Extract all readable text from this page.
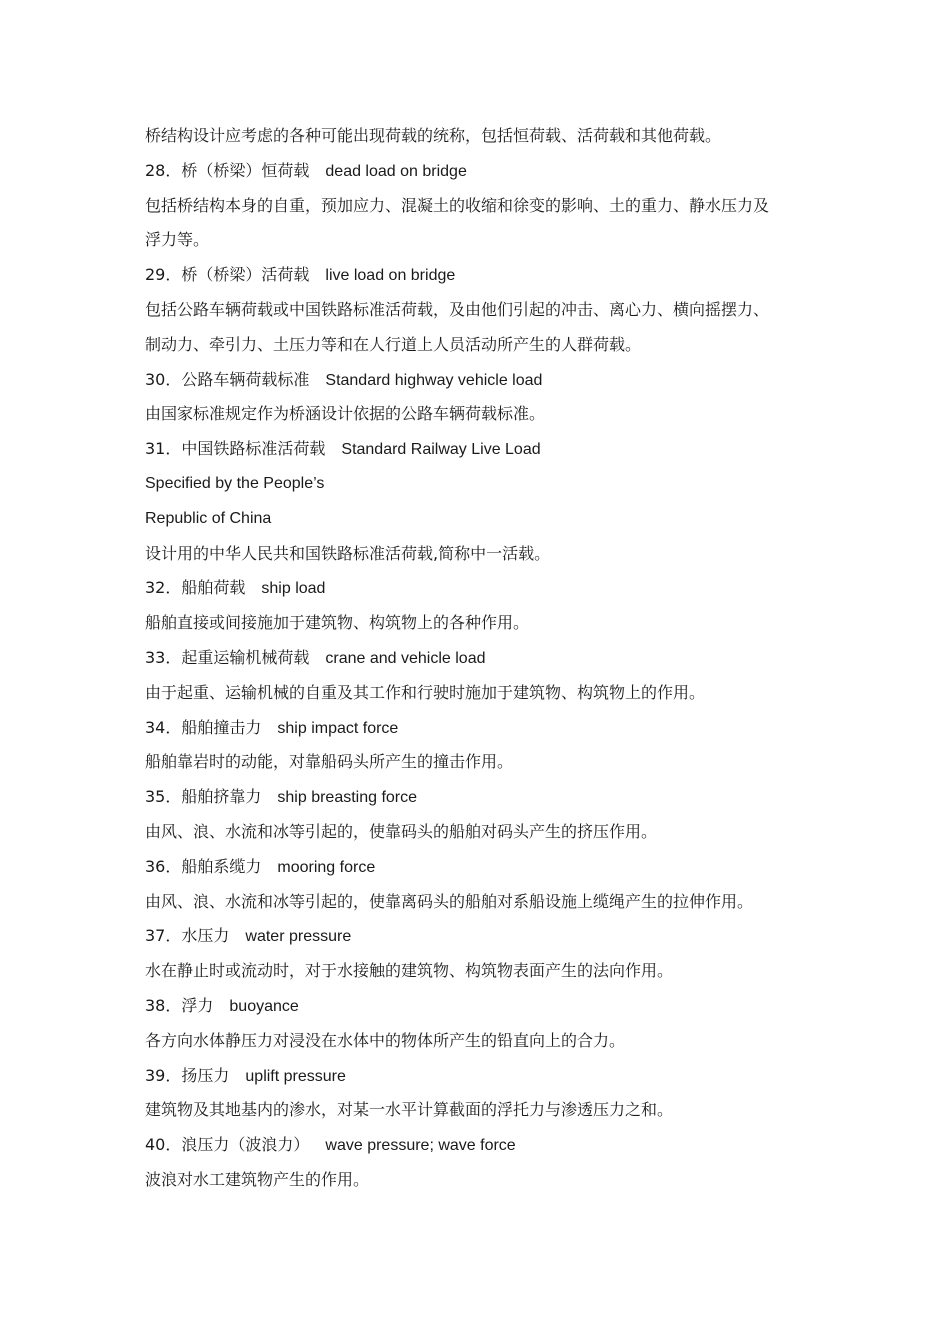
桥结构设计应考虑的各种可能出现荷载的统称，包括恒荷载、活荷载和其他荷载。
28．桥（桥梁）恒荷载 dead load on bridge
包括桥结构本身的自重，预加应力、混凝土的收缩和徐变的影响、土的重力、静水压力及
浮力等。
29．桥（桥梁）活荷载 live load on bridge
包括公路车辆荷载或中国铁路标准活荷载，及由他们引起的冲击、离心力、横向摇摆力、
制动力、牵引力、土压力等和在人行道上人员活动所产生的人群荷载。
30．公路车辆荷载标准 Standard highway vehicle load
由国家标准规定作为桥涵设计依据的公路车辆荷载标准。
31．中国铁路标准活荷载 Standard Railway Live Load
Specified by the People’s
Republic of China
设计用的中华人民共和国铁路标准活荷载,简称中一活载。
32．船舶荷载 ship load
船舶直接或间接施加于建筑物、构筑物上的各种作用。
33．起重运输机械荷载 crane and vehicle load
由于起重、运输机械的自重及其工作和行驶时施加于建筑物、构筑物上的作用。
34．船舶撞击力 ship impact force
船舶靠岩时的动能，对靠船码头所产生的撞击作用。
35．船舶挤靠力 ship breasting force
由风、浪、水流和冰等引起的，使靠码头的船舶对码头产生的挤压作用。
36．船舶系缆力 mooring force
由风、浪、水流和冰等引起的，使靠离码头的船舶对系船设施上缆绳产生的拉伸作用。
37．水压力 water pressure
水在静止时或流动时，对于水接触的建筑物、构筑物表面产生的法向作用。
38．浮力 buoyance
各方向水体静压力对浸没在水体中的物体所产生的铅直向上的合力。
39．扬压力 uplift pressure
建筑物及其地基内的渗水，对某一水平计算截面的浮托力与渗透压力之和。
40．浪压力（波浪力） wave pressure; wave force
波浪对水工建筑物产生的作用。
